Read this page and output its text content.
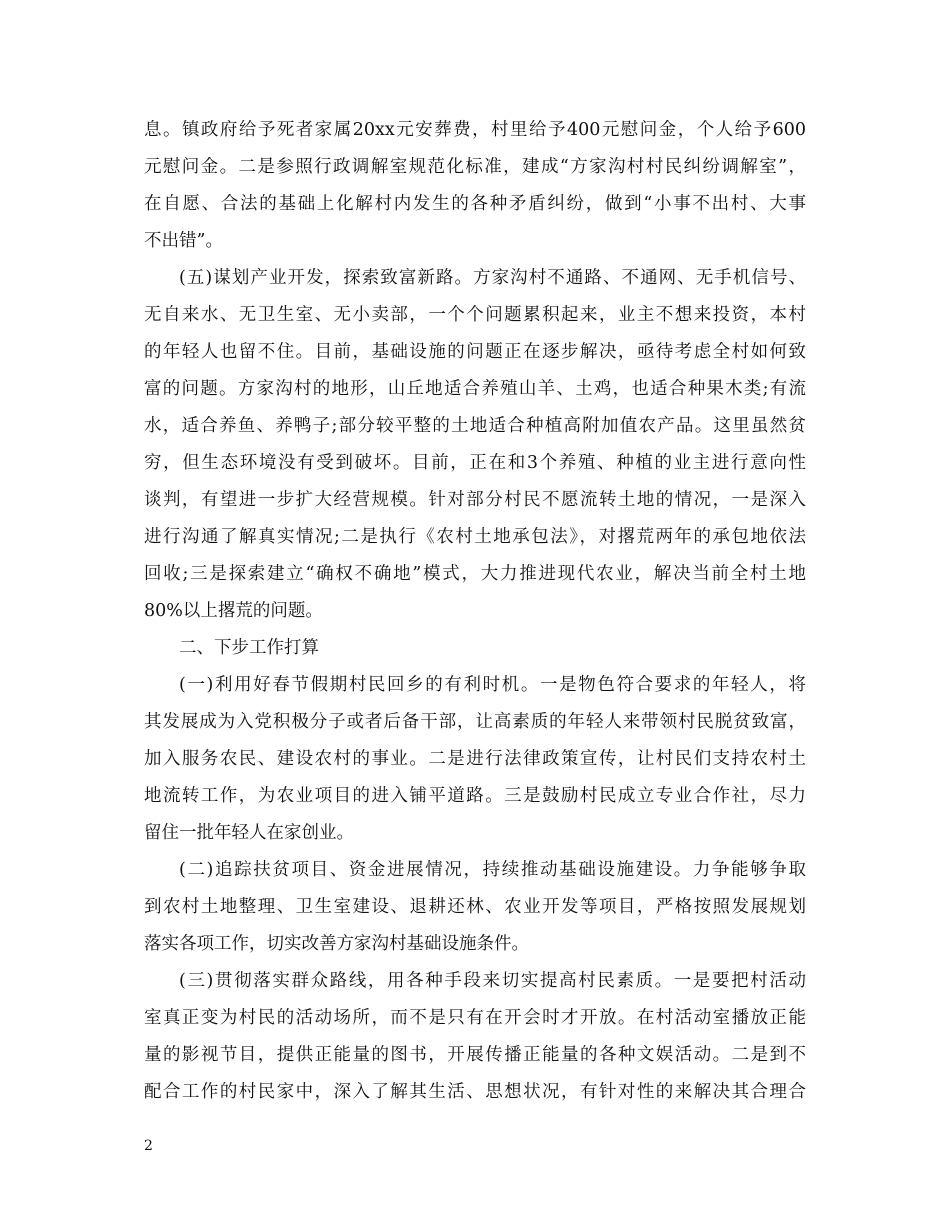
息。镇政府给予死者家属20xx元安葬费，村里给予400元慰问金，个人给予600
元慰问金。二是参照行政调解室规范化标准，建成“方家沟村村民纠纷调解室”，
在自愿、合法的基础上化解村内发生的各种矛盾纠纷，做到“小事不出村、大事
不出错”。
(五)谋划产业开发，探索致富新路。方家沟村不通路、不通网、无手机信号、
无自来水、无卫生室、无小卖部，一个个问题累积起来，业主不想来投资，本村
的年轻人也留不住。目前，基础设施的问题正在逐步解决，亟待考虑全村如何致
富的问题。方家沟村的地形，山丘地适合养殖山羊、土鸡，也适合种果木类;有流
水，适合养鱼、养鸭子;部分较平整的土地适合种植高附加值农产品。这里虽然贫
穷，但生态环境没有受到破坏。目前，正在和3个养殖、种植的业主进行意向性
谈判，有望进一步扩大经营规模。针对部分村民不愿流转土地的情况，一是深入
进行沟通了解真实情况;二是执行《农村土地承包法》，对撂荒两年的承包地依法
回收;三是探索建立“确权不确地”模式，大力推进现代农业，解决当前全村土地
80%以上撂荒的问题。
二、下步工作打算
(一)利用好春节假期村民回乡的有利时机。一是物色符合要求的年轻人，将
其发展成为入党积极分子或者后备干部，让高素质的年轻人来带领村民脱贫致富，
加入服务农民、建设农村的事业。二是进行法律政策宣传，让村民们支持农村土
地流转工作，为农业项目的进入铺平道路。三是鼓励村民成立专业合作社，尽力
留住一批年轻人在家创业。
(二)追踪扶贫项目、资金进展情况，持续推动基础设施建设。力争能够争取
到农村土地整理、卫生室建设、退耕还林、农业开发等项目，严格按照发展规划
落实各项工作，切实改善方家沟村基础设施条件。
(三)贯彻落实群众路线，用各种手段来切实提高村民素质。一是要把村活动
室真正变为村民的活动场所，而不是只有在开会时才开放。在村活动室播放正能
量的影视节目，提供正能量的图书，开展传播正能量的各种文娱活动。二是到不
配合工作的村民家中，深入了解其生活、思想状况，有针对性的来解决其合理合
2
